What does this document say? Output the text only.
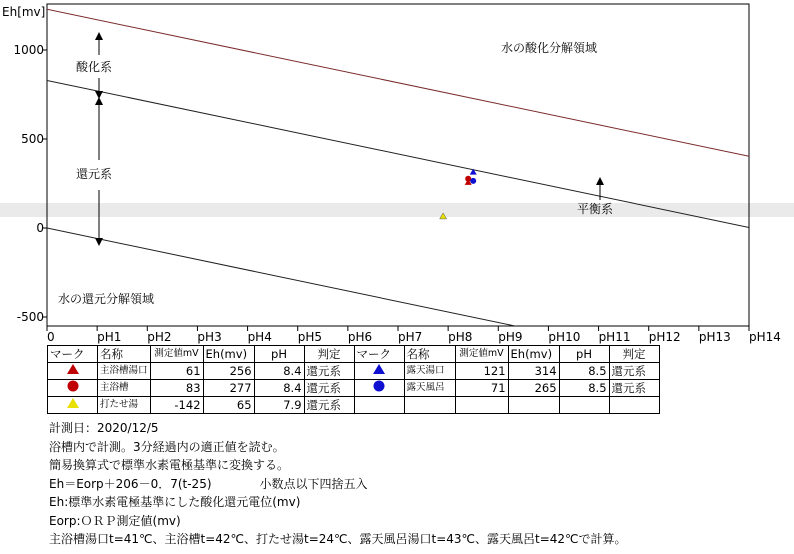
Eh[mv]
0	pH1 pH2 pH3 pH4 pH5 pH6 pH7 pH8 pH9 pH10 pH11 pH12 pH13 pH14
1000
500
0
-500
水の酸化分解領域
水の還元分解領域
酸化系
還元系
平衡系
マーク	名称	測定値mV	Eh(mv)	pH	判定	マーク	名称	測定値mV	Eh(mv)	pH	判定
	主浴槽湯口	61	256	8.4	還元系		露天湯口	121	314	8.5	還元系
	主浴槽	83	277	8.4	還元系		露天風呂	71	265	8.5	還元系
	打たせ湯	-142	65	7.9	還元系						
計測日：2020/12/5
浴槽内で計測。3分経過内の適正値を読む。
簡易換算式で標準水素電極基準に変換する。
Eh＝Eorp＋206－0．7(t-25)　　　　小数点以下四捨五入
Eh:標準水素電極基準にした酸化還元電位(mv)
Eorp:ＯＲＰ測定値(mv)
主浴槽湯口t=41℃、主浴槽t=42℃、打たせ湯t=24℃、露天風呂湯口t=43℃、露天風呂t=42℃で計算。
